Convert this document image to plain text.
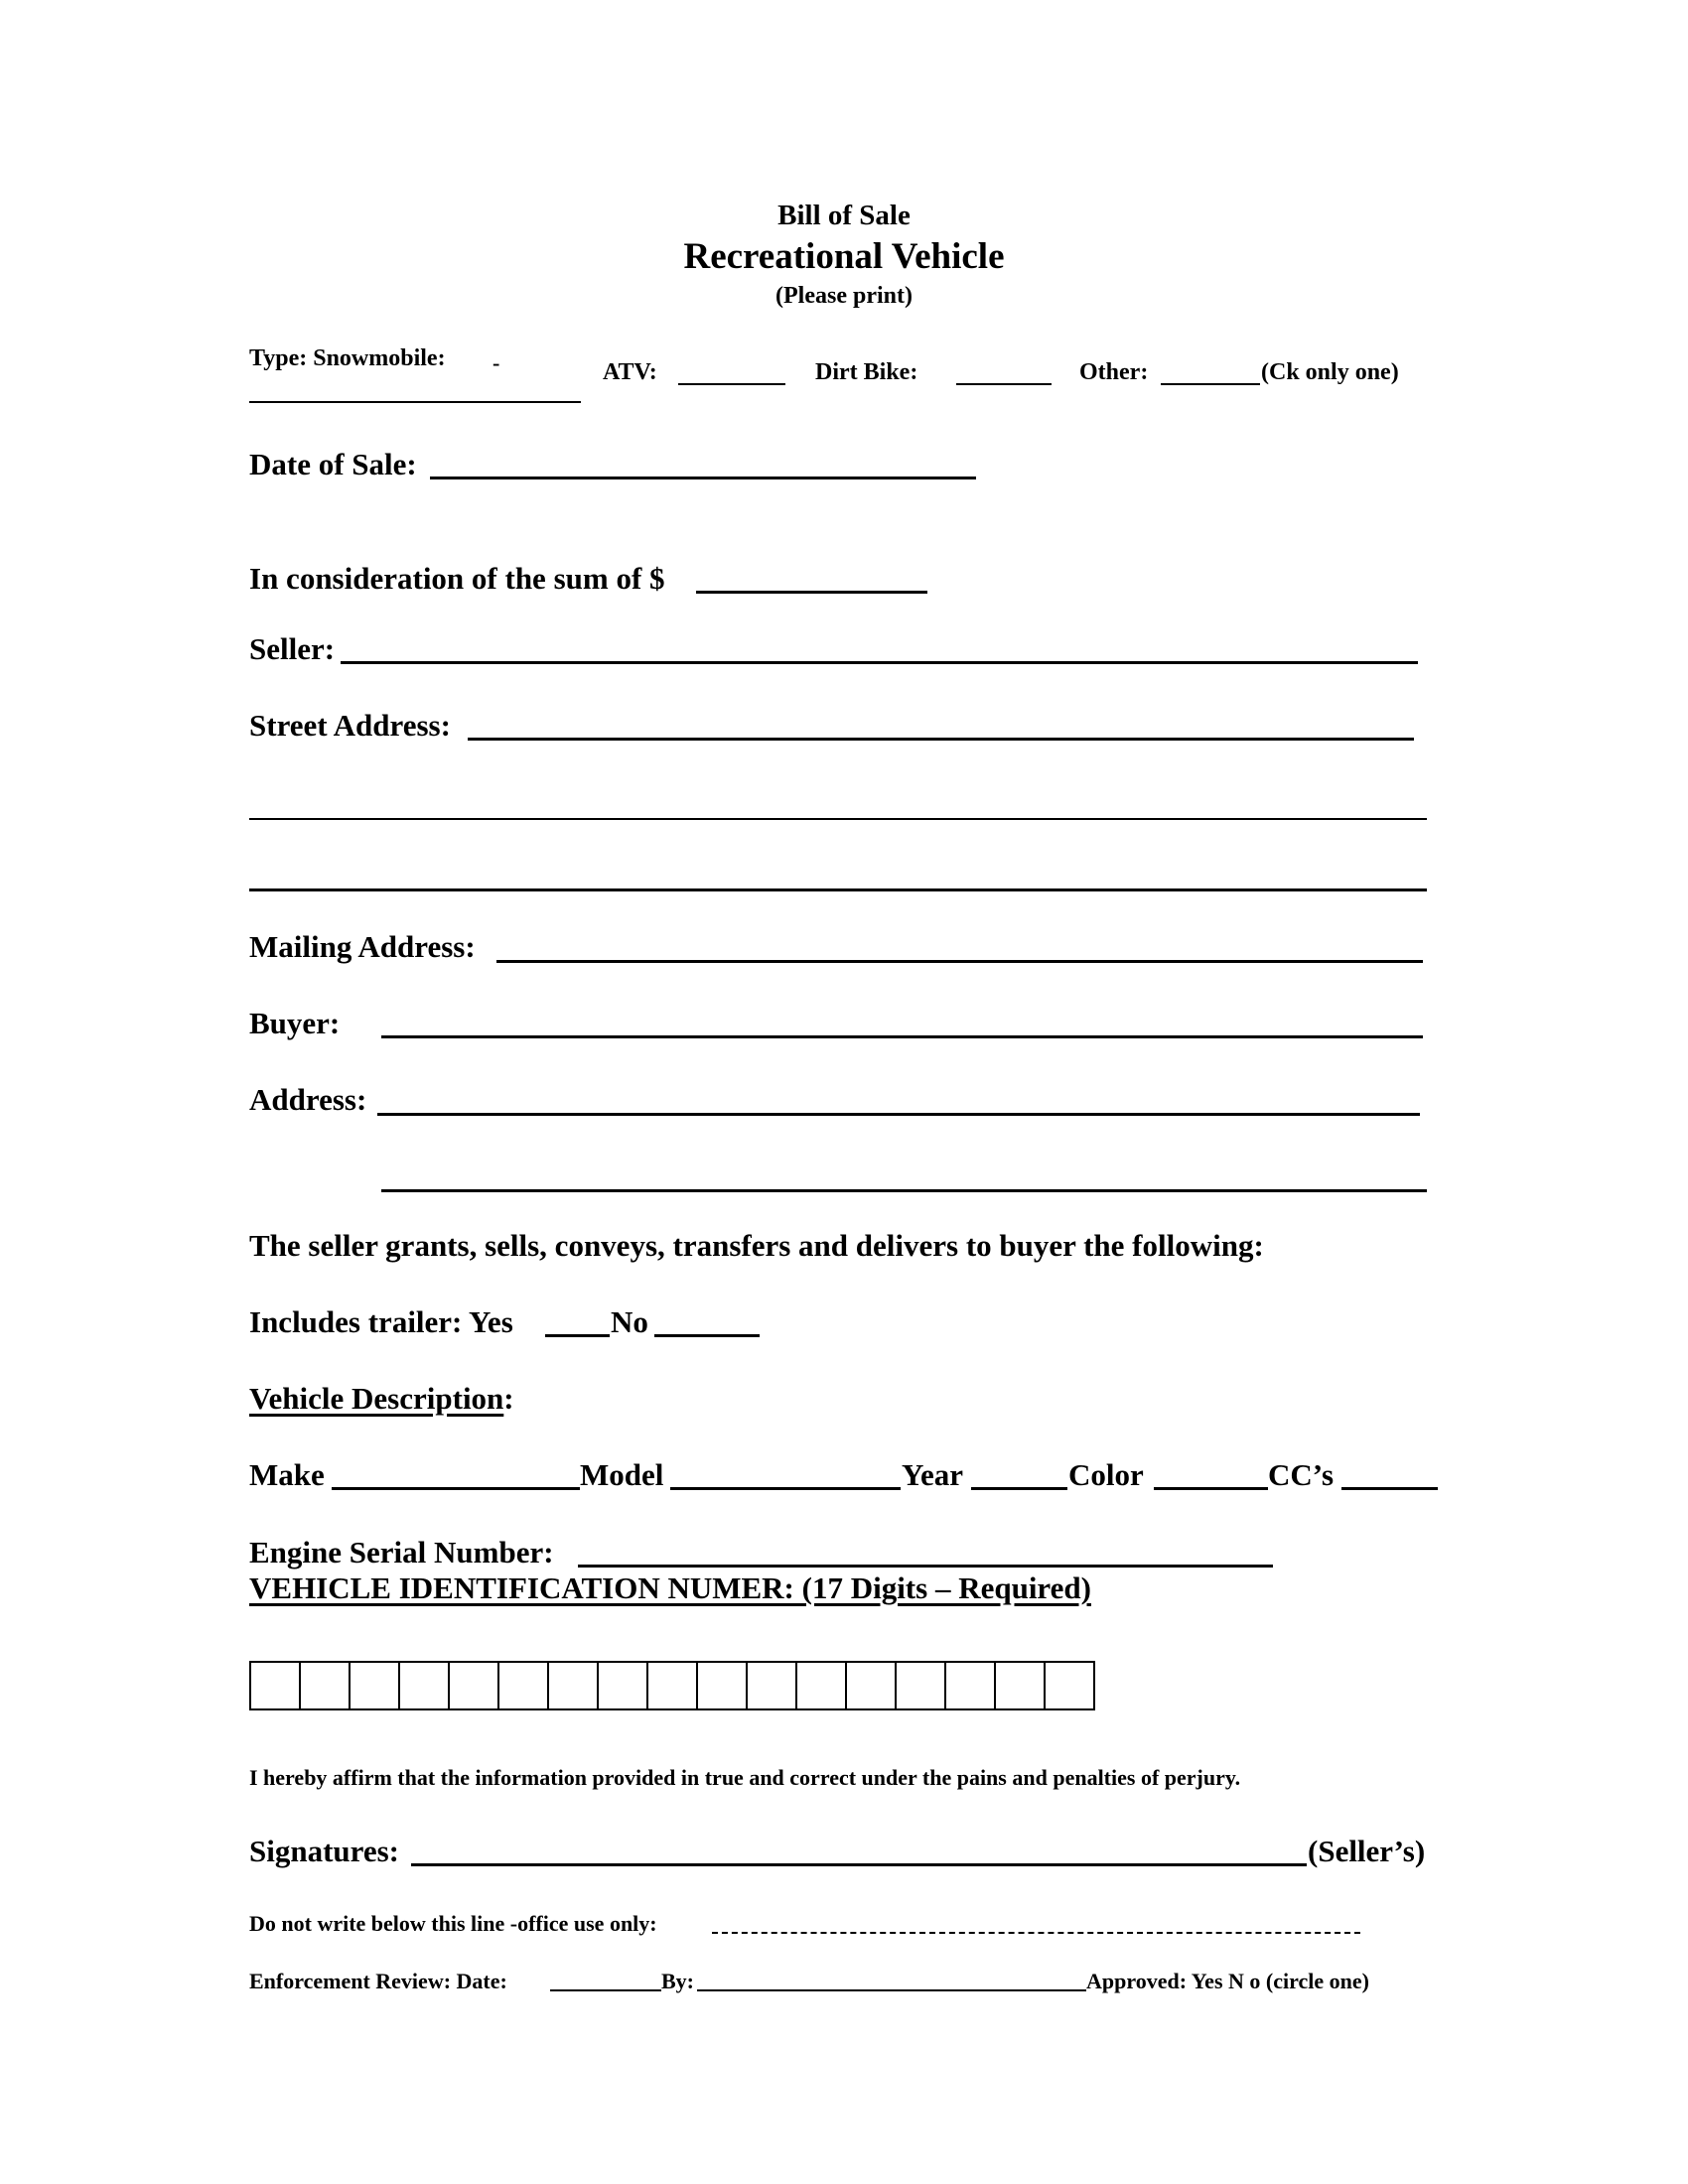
Bill of Sale
Recreational Vehicle
(Please print)
Type: Snowmobile: -	ATV:	Dirt Bike:	Other:	(Ck only one)
Date of Sale:
In consideration of the sum of $
Seller:
Street Address:
Mailing Address:
Buyer:
Address:
The seller grants, sells, conveys, transfers and delivers to buyer the following:
Includes trailer: Yes	No
Vehicle Description:
Make	Model	Year	Color	CC’s
Engine Serial Number:
VEHICLE IDENTIFICATION NUMER: (17 Digits – Required)
I hereby affirm that the information provided in true and correct under the pains and penalties of perjury.
Signatures:	(Seller’s)
Do not write below this line -office use only:
Enforcement Review: Date:	By:	Approved: Yes N o (circle one)
